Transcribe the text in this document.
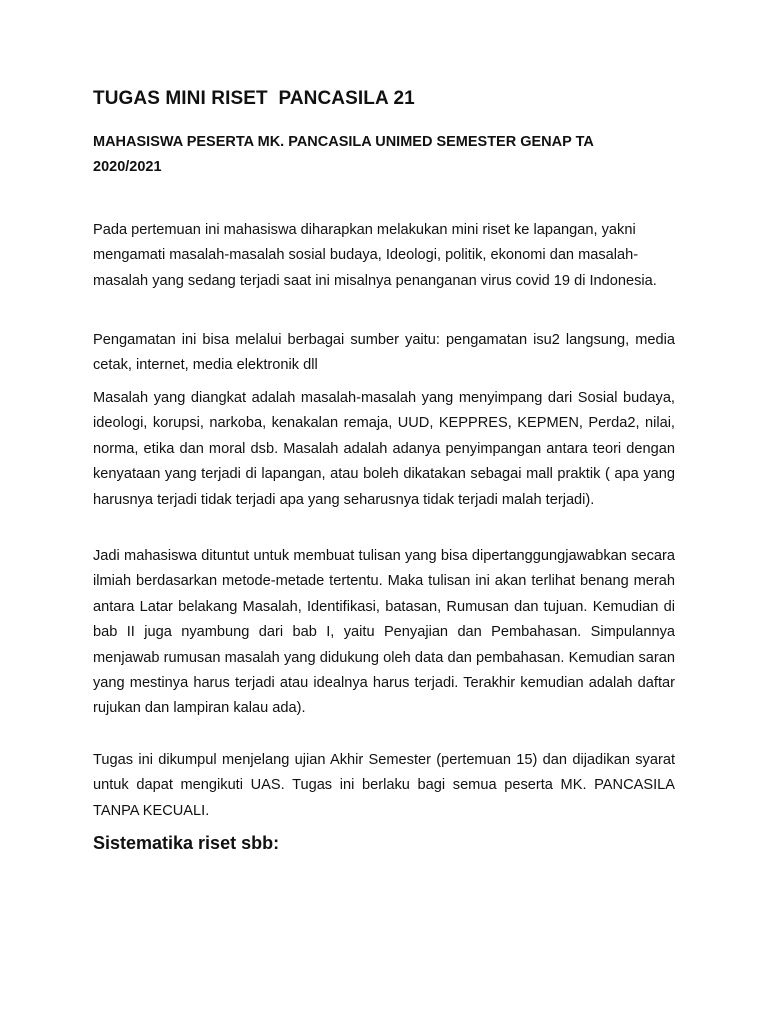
TUGAS MINI RISET  PANCASILA 21
MAHASISWA PESERTA MK. PANCASILA UNIMED SEMESTER GENAP TA 2020/2021

Pada pertemuan ini mahasiswa diharapkan melakukan mini riset ke lapangan, yakni mengamati masalah-masalah sosial budaya, Ideologi, politik, ekonomi dan masalah-masalah yang sedang terjadi saat ini misalnya penanganan virus covid 19 di Indonesia.

Pengamatan ini bisa melalui berbagai sumber yaitu: pengamatan isu2 langsung, media cetak, internet, media elektronik dll

Masalah yang diangkat adalah masalah-masalah yang menyimpang dari Sosial budaya, ideologi, korupsi, narkoba, kenakalan remaja, UUD, KEPPRES, KEPMEN, Perda2, nilai, norma, etika dan moral dsb. Masalah adalah adanya penyimpangan antara teori dengan kenyataan yang terjadi di lapangan, atau boleh dikatakan sebagai mall praktik ( apa yang harusnya terjadi tidak terjadi apa yang seharusnya tidak terjadi malah terjadi).

Jadi mahasiswa dituntut untuk membuat tulisan yang bisa dipertanggungjawabkan secara ilmiah berdasarkan metode-metade tertentu. Maka tulisan ini akan terlihat benang merah antara Latar belakang Masalah, Identifikasi, batasan, Rumusan dan tujuan. Kemudian di bab II juga nyambung dari bab I, yaitu Penyajian dan Pembahasan. Simpulannya menjawab rumusan masalah yang didukung oleh data dan pembahasan. Kemudian saran yang mestinya harus terjadi atau idealnya harus terjadi. Terakhir kemudian adalah daftar rujukan dan lampiran kalau ada).

Tugas ini dikumpul menjelang ujian Akhir Semester (pertemuan 15) dan dijadikan syarat untuk dapat mengikuti UAS. Tugas ini berlaku bagi semua peserta MK. PANCASILA TANPA KECUALI.

Sistematika riset sbb:
